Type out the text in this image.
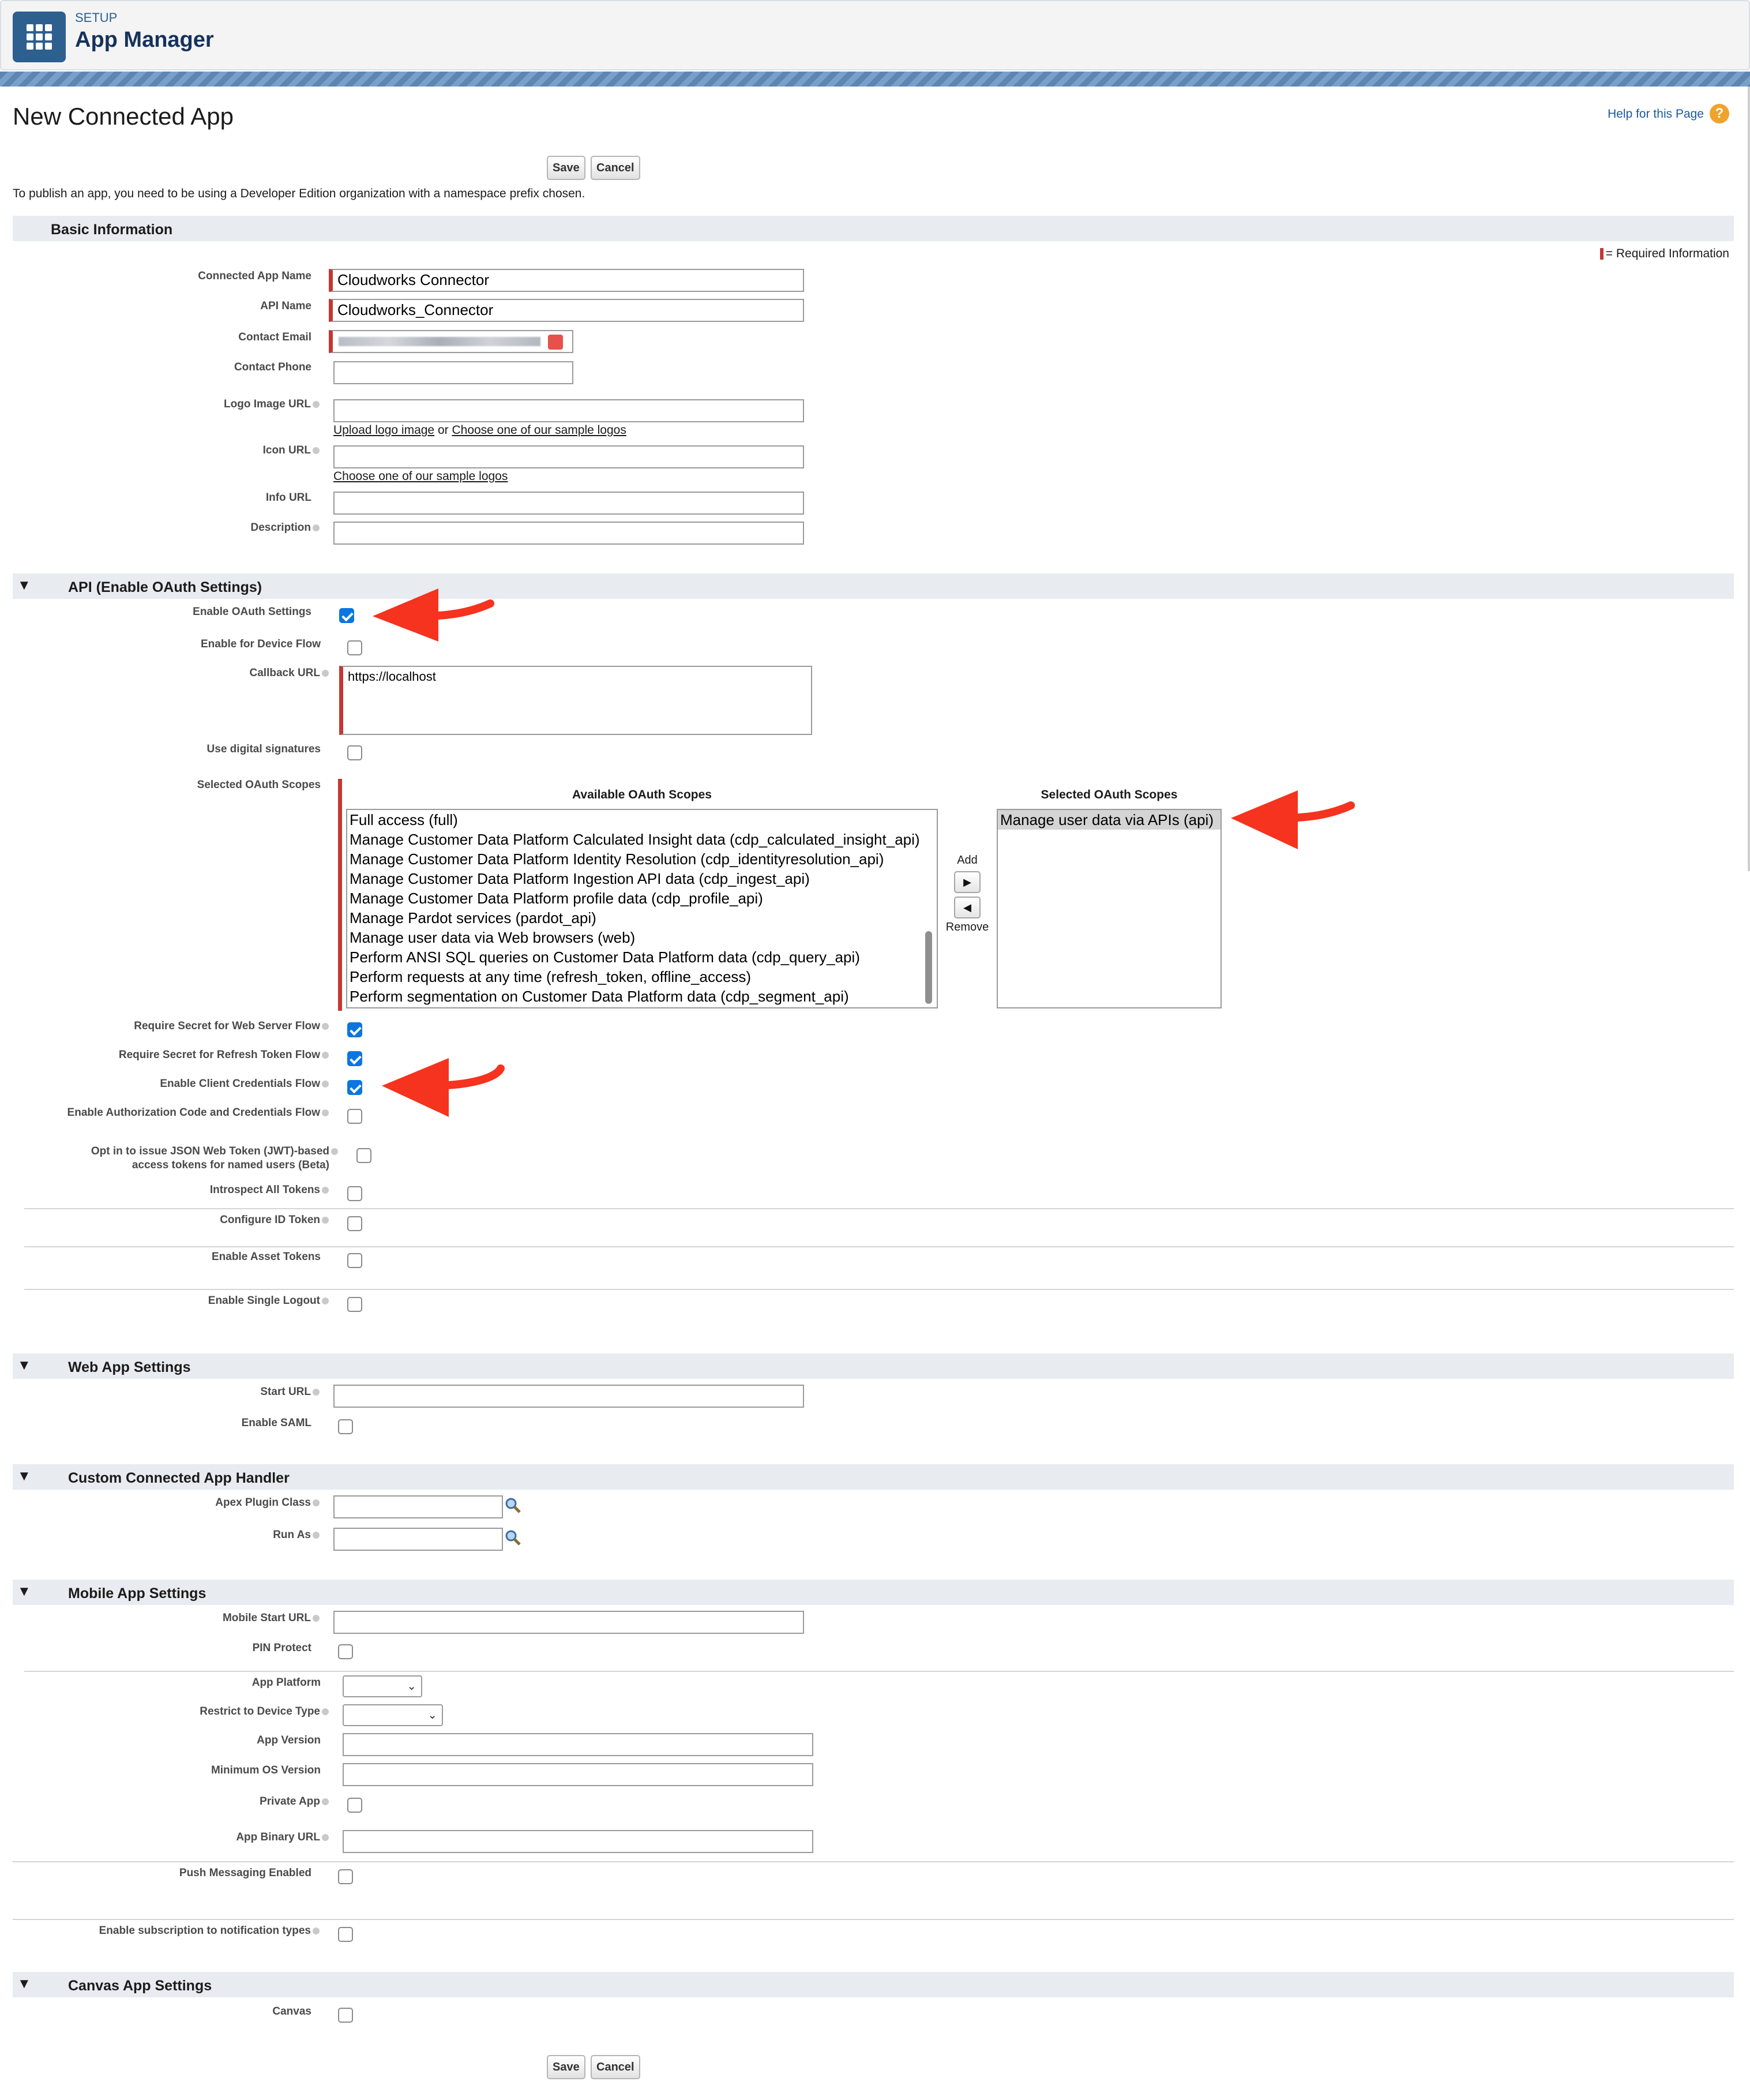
SETUP
App Manager
New Connected App	Help for this Page ?
Save	Cancel
To publish an app, you need to be using a Developer Edition organization with a namespace prefix chosen.
Basic Information
= Required Information
Connected App Name	Cloudworks Connector
API Name	Cloudworks_Connector
Contact Email
Contact Phone
Logo Image URL
Upload logo image or Choose one of our sample logos
Icon URL
Choose one of our sample logos
Info URL
Description
▼	API (Enable OAuth Settings)
Enable OAuth Settings
Enable for Device Flow
Callback URL	https://localhost
Use digital signatures
Selected OAuth Scopes
Available OAuth Scopes
Full access (full)
Manage Customer Data Platform Calculated Insight data (cdp_calculated_insight_api)
Manage Customer Data Platform Identity Resolution (cdp_identityresolution_api)
Manage Customer Data Platform Ingestion API data (cdp_ingest_api)
Manage Customer Data Platform profile data (cdp_profile_api)
Manage Pardot services (pardot_api)
Manage user data via Web browsers (web)
Perform ANSI SQL queries on Customer Data Platform data (cdp_query_api)
Perform requests at any time (refresh_token, offline_access)
Perform segmentation on Customer Data Platform data (cdp_segment_api)
Add
▶
◀
Remove
Selected OAuth Scopes
Manage user data via APIs (api)
Require Secret for Web Server Flow
Require Secret for Refresh Token Flow
Enable Client Credentials Flow
Enable Authorization Code and Credentials Flow
Opt in to issue JSON Web Token (JWT)-based
access tokens for named users (Beta)
Introspect All Tokens
Configure ID Token
Enable Asset Tokens
Enable Single Logout
▼	Web App Settings
Start URL
Enable SAML
▼	Custom Connected App Handler
Apex Plugin Class
Run As
▼	Mobile App Settings
Mobile Start URL
PIN Protect
App Platform	⌄
Restrict to Device Type	⌄
App Version
Minimum OS Version
Private App
App Binary URL
Push Messaging Enabled
Enable subscription to notification types
▼	Canvas App Settings
Canvas
Save	Cancel
